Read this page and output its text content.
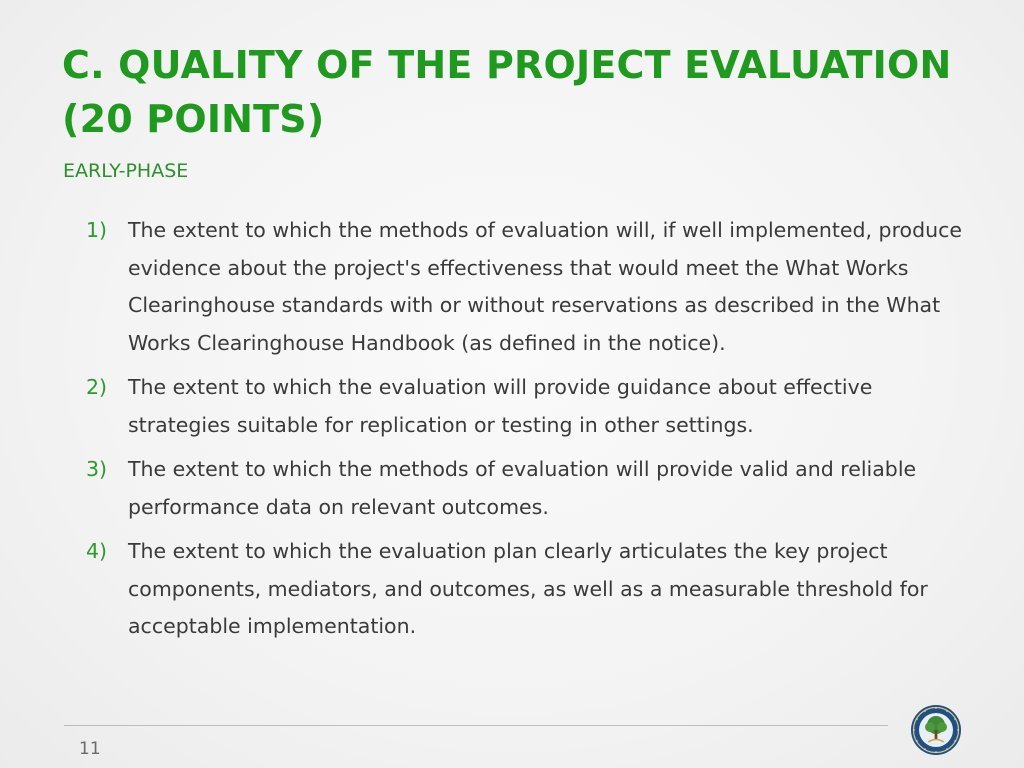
C. QUALITY OF THE PROJECT EVALUATION (20 POINTS)

EARLY-PHASE

1) The extent to which the methods of evaluation will, if well implemented, produce evidence about the project's effectiveness that would meet the What Works Clearinghouse standards with or without reservations as described in the What Works Clearinghouse Handbook (as defined in the notice).
2) The extent to which the evaluation will provide guidance about effective strategies suitable for replication or testing in other settings.
3) The extent to which the methods of evaluation will provide valid and reliable performance data on relevant outcomes.
4) The extent to which the evaluation plan clearly articulates the key project components, mediators, and outcomes, as well as a measurable threshold for acceptable implementation.
11
